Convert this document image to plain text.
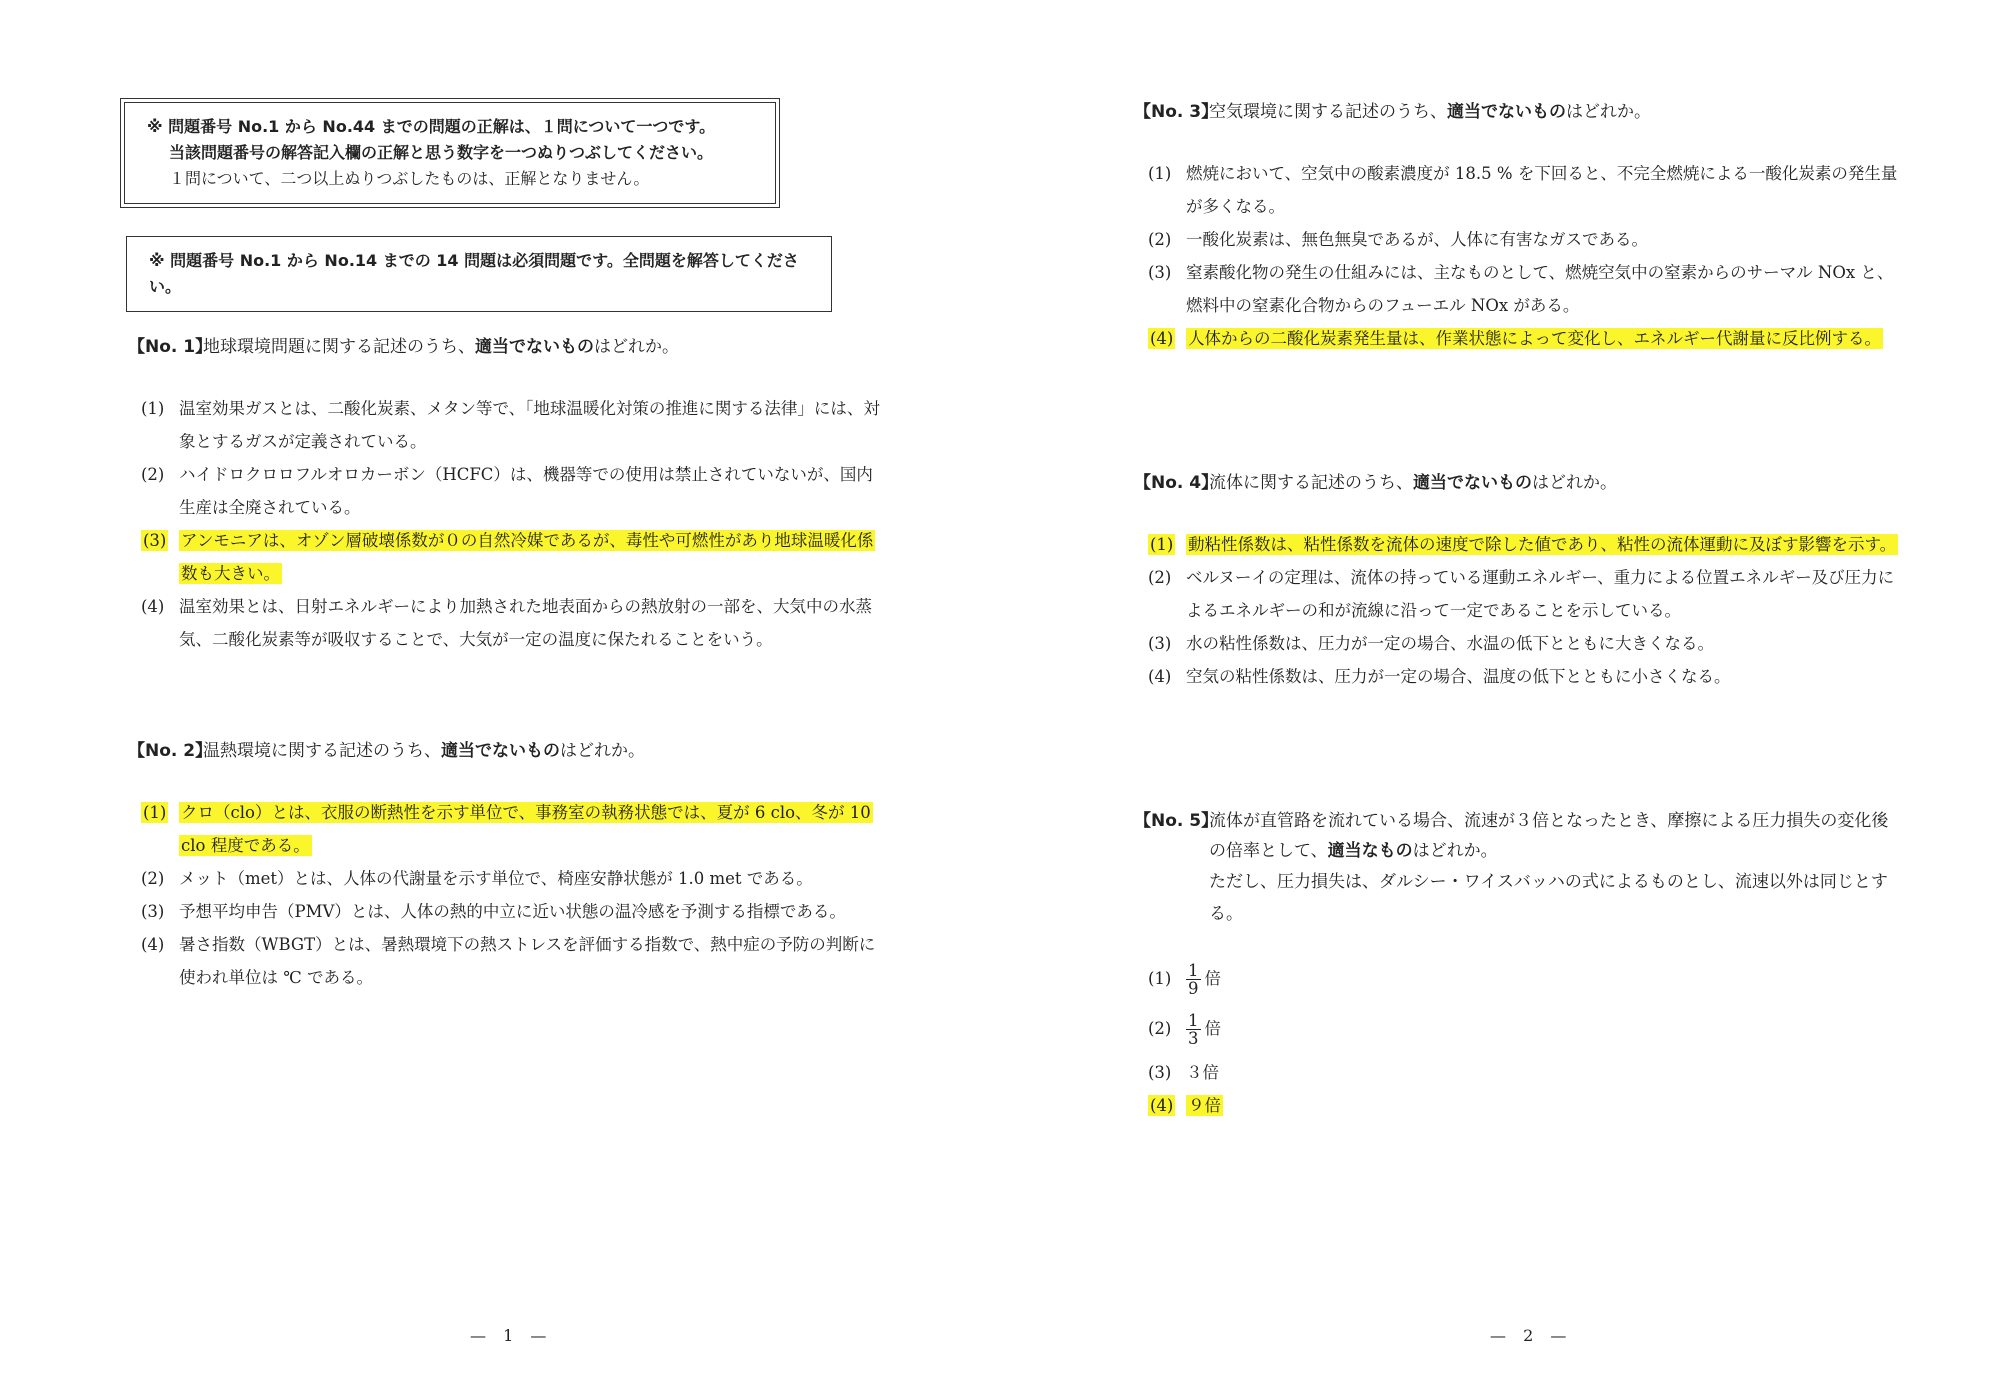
※ 問題番号 No.1 から No.44 までの問題の正解は、１問について一つです。
当該問題番号の解答記入欄の正解と思う数字を一つぬりつぶしてください。
１問について、二つ以上ぬりつぶしたものは、正解となりません。
※ 問題番号 No.1 から No.14 までの 14 問題は必須問題です。全問題を解答してください。
【No. 1】
地球環境問題に関する記述のうち、適当でないものはどれか。
(1) 温室効果ガスとは、二酸化炭素、メタン等で、「地球温暖化対策の推進に関する法律」には、対象とするガスが定義されている。
(2) ハイドロクロロフルオロカーボン（HCFC）は、機器等での使用は禁止されていないが、国内生産は全廃されている。
(3) アンモニアは、オゾン層破壊係数が０の自然冷媒であるが、毒性や可燃性があり地球温暖化係数も大きい。
(4) 温室効果とは、日射エネルギーにより加熱された地表面からの熱放射の一部を、大気中の水蒸気、二酸化炭素等が吸収することで、大気が一定の温度に保たれることをいう。
【No. 2】
温熱環境に関する記述のうち、適当でないものはどれか。
(1) クロ（clo）とは、衣服の断熱性を示す単位で、事務室の執務状態では、夏が 6 clo、冬が 10 clo 程度である。
(2) メット（met）とは、人体の代謝量を示す単位で、椅座安静状態が 1.0 met である。
(3) 予想平均申告（PMV）とは、人体の熱的中立に近い状態の温冷感を予測する指標である。
(4) 暑さ指数（WBGT）とは、暑熱環境下の熱ストレスを評価する指数で、熱中症の予防の判断に使われ単位は ℃ である。
— 1 —
【No. 3】
空気環境に関する記述のうち、適当でないものはどれか。
(1) 燃焼において、空気中の酸素濃度が 18.5 % を下回ると、不完全燃焼による一酸化炭素の発生量が多くなる。
(2) 一酸化炭素は、無色無臭であるが、人体に有害なガスである。
(3) 窒素酸化物の発生の仕組みには、主なものとして、燃焼空気中の窒素からのサーマル NOx と、燃料中の窒素化合物からのフューエル NOx がある。
(4) 人体からの二酸化炭素発生量は、作業状態によって変化し、エネルギー代謝量に反比例する。
【No. 4】
流体に関する記述のうち、適当でないものはどれか。
(1) 動粘性係数は、粘性係数を流体の速度で除した値であり、粘性の流体運動に及ぼす影響を示す。
(2) ベルヌーイの定理は、流体の持っている運動エネルギー、重力による位置エネルギー及び圧力によるエネルギーの和が流線に沿って一定であることを示している。
(3) 水の粘性係数は、圧力が一定の場合、水温の低下とともに大きくなる。
(4) 空気の粘性係数は、圧力が一定の場合、温度の低下とともに小さくなる。
【No. 5】
流体が直管路を流れている場合、流速が３倍となったとき、摩擦による圧力損失の変化後の倍率として、適当なものはどれか。
ただし、圧力損失は、ダルシー・ワイスバッハの式によるものとし、流速以外は同じとする。
$(1) \frac{1}{9}$ 倍
$(2) \frac{1}{3}$ 倍
(3) ３倍
(4) ９倍
— 2 —
